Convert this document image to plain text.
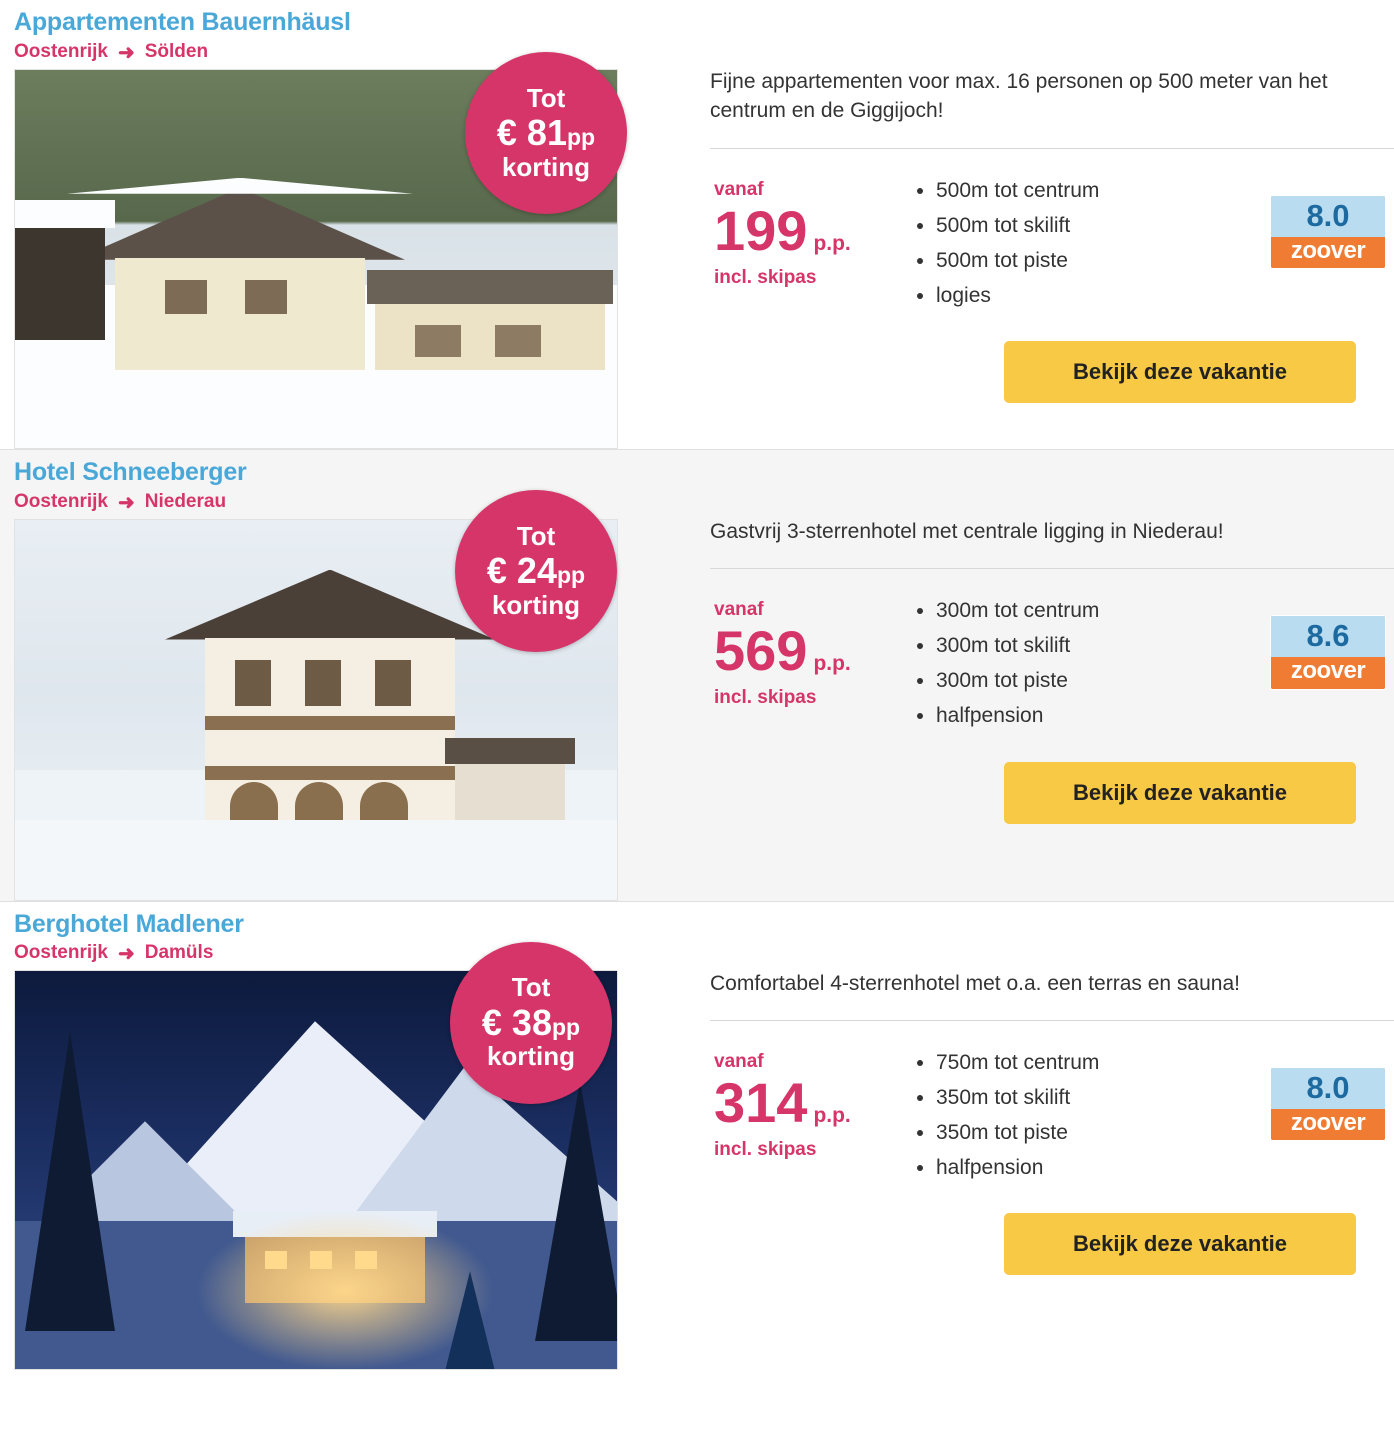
Appartementen Bauernhäusl
Oostenrijk ➜ Sölden
Tot
€ 81pp
korting

Fijne appartementen voor max. 16 personen op 500 meter van het centrum en de Giggijoch!

vanaf
199 p.p.
incl. skipas
• 500m tot centrum
• 500m tot skilift
• 500m tot piste
• logies
8.0
zoover
Bekijk deze vakantie
Hotel Schneeberger
Oostenrijk ➜ Niederau
Tot
€ 24pp
korting

Gastvrij 3-sterrenhotel met centrale ligging in Niederau!

vanaf
569 p.p.
incl. skipas
• 300m tot centrum
• 300m tot skilift
• 300m tot piste
• halfpension
8.6
zoover
Bekijk deze vakantie
Berghotel Madlener
Oostenrijk ➜ Damüls
Tot
€ 38pp
korting

Comfortabel 4-sterrenhotel met o.a. een terras en sauna!

vanaf
314 p.p.
incl. skipas
• 750m tot centrum
• 350m tot skilift
• 350m tot piste
• halfpension
8.0
zoover
Bekijk deze vakantie
